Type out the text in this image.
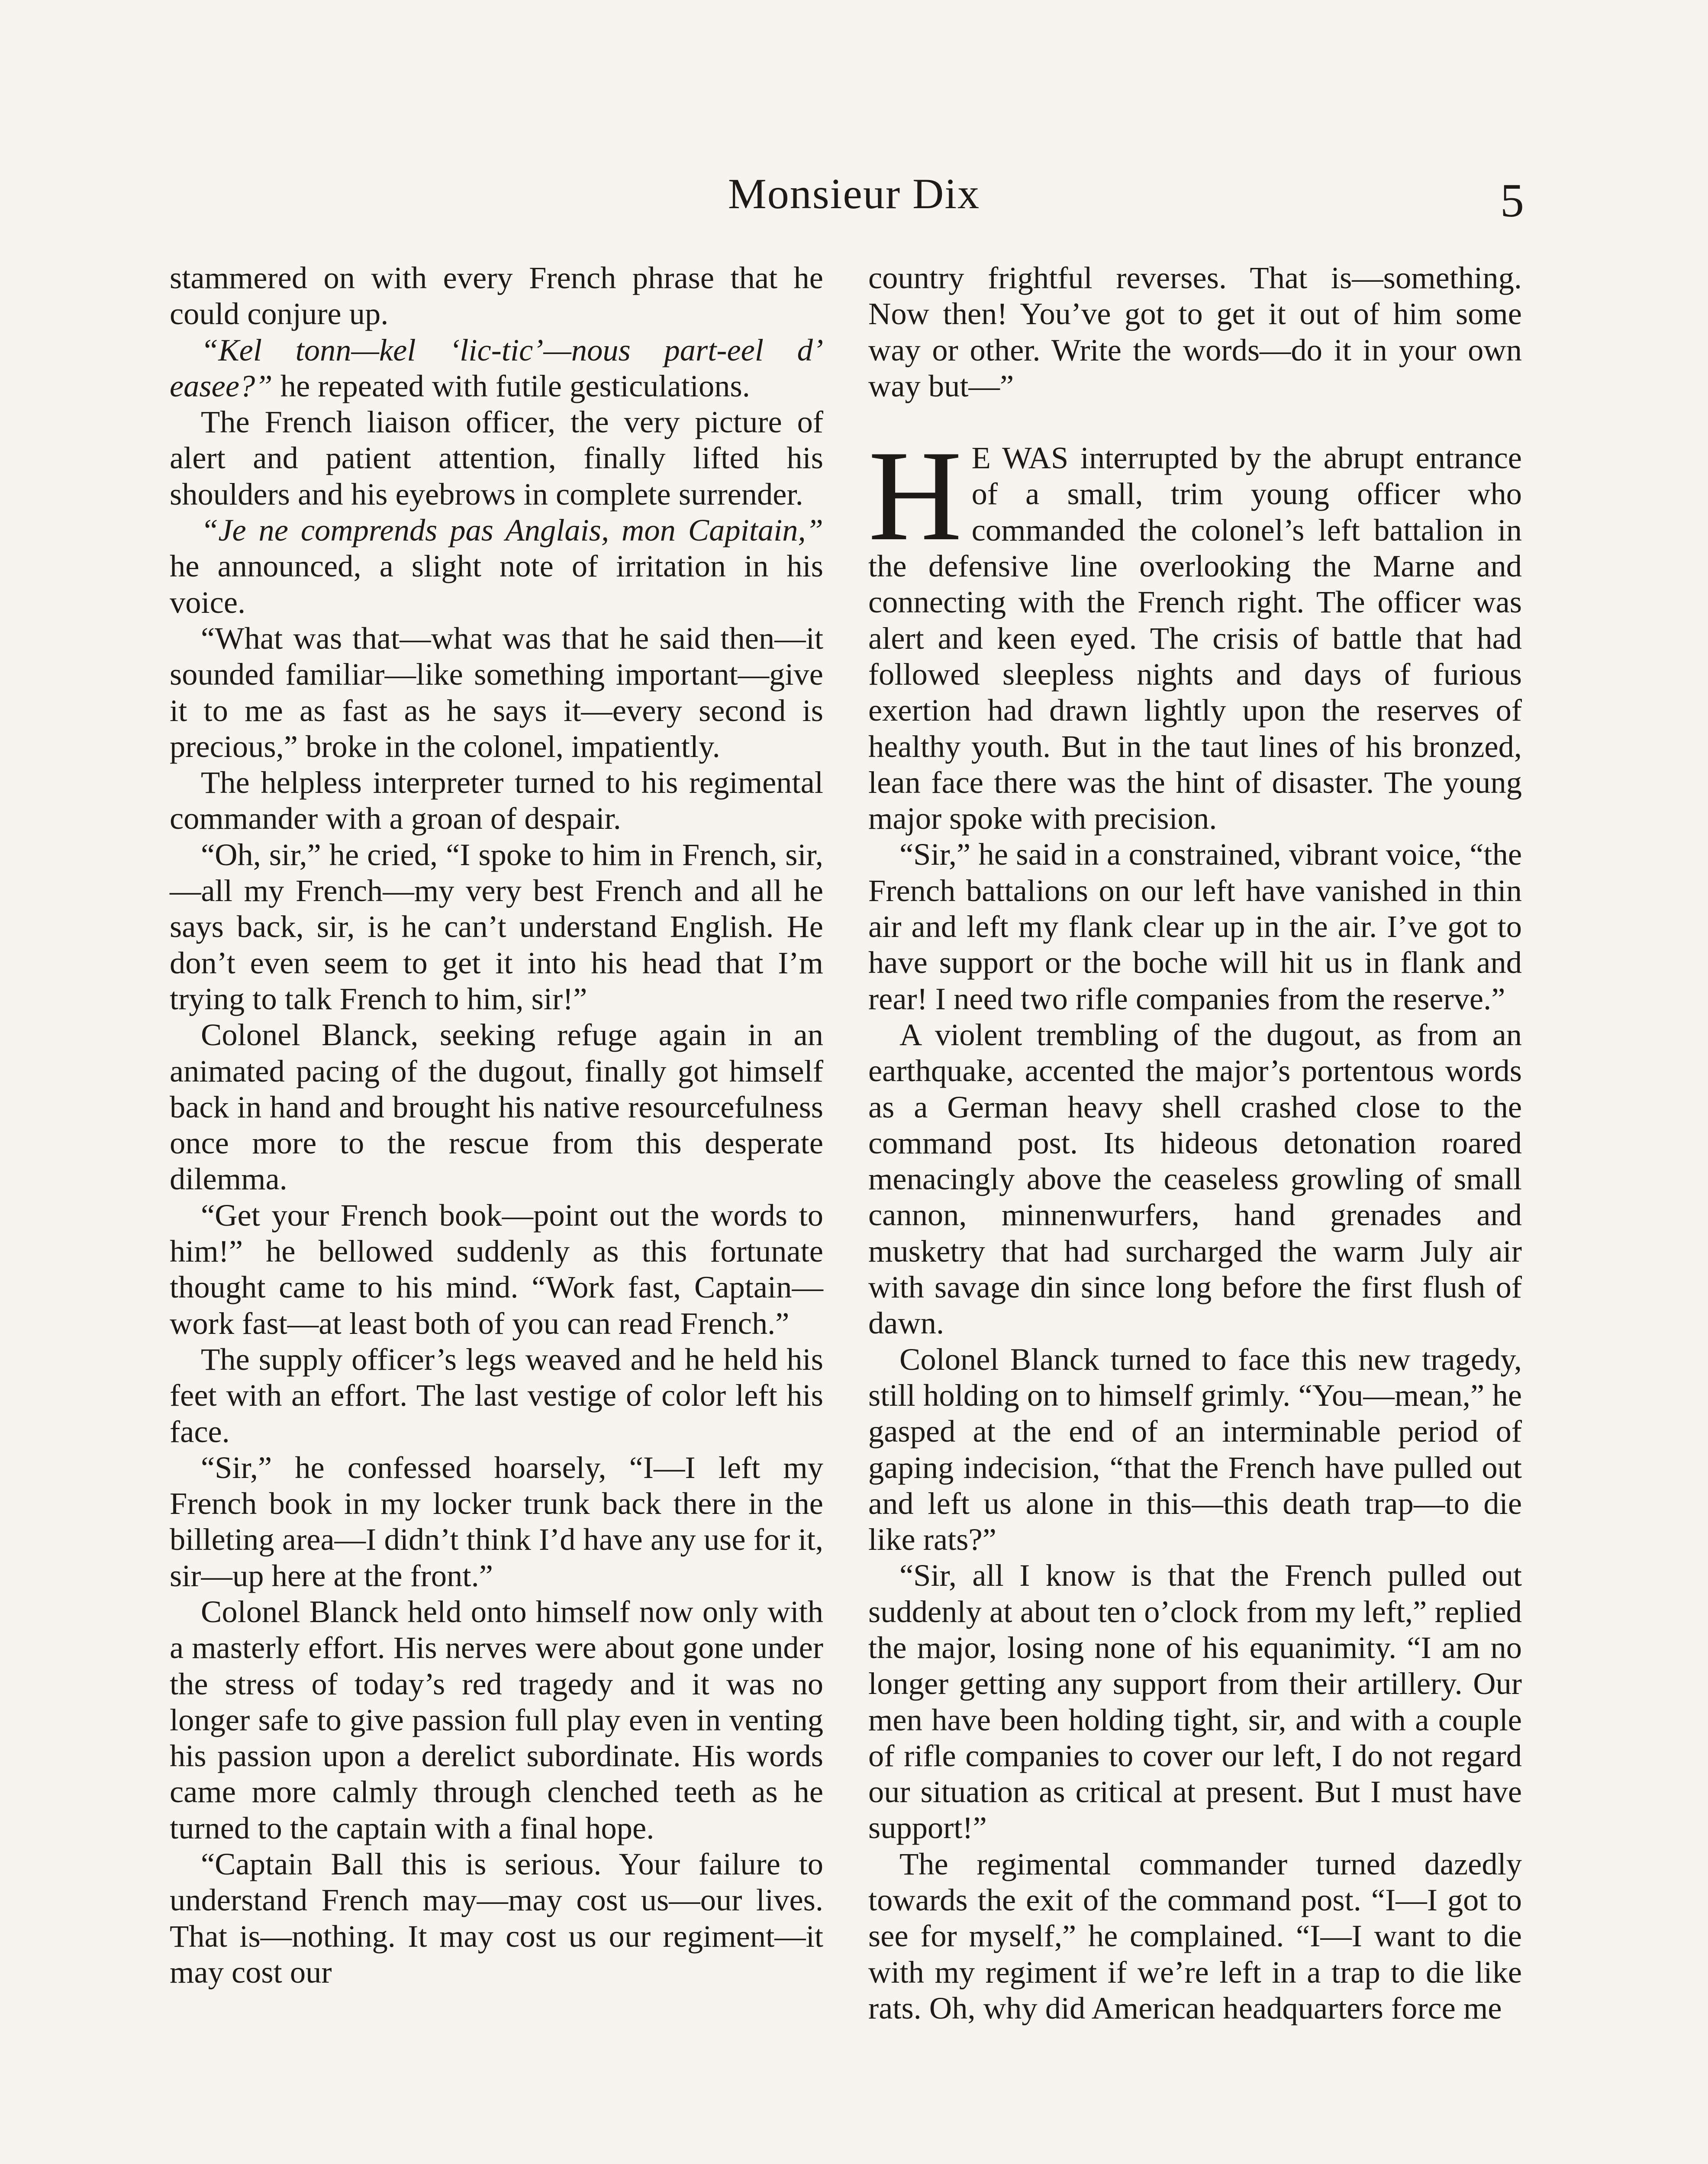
Monsieur Dix	5

stammered on with every French phrase that he could conjure up.

“Kel tonn—kel ‘lic-tic’—nous part-eel d’ easee?” he repeated with futile gesticulations.

The French liaison officer, the very picture of alert and patient attention, finally lifted his shoulders and his eyebrows in complete surrender.

“Je ne comprends pas Anglais, mon Capitain,” he announced, a slight note of irritation in his voice.

“What was that—what was that he said then—it sounded familiar—like something important—give it to me as fast as he says it—every second is precious,” broke in the colonel, impatiently.

The helpless interpreter turned to his regimental commander with a groan of despair.

“Oh, sir,” he cried, “I spoke to him in French, sir,—all my French—my very best French and all he says back, sir, is he can’t understand English. He don’t even seem to get it into his head that I’m trying to talk French to him, sir!”

Colonel Blanck, seeking refuge again in an animated pacing of the dugout, finally got himself back in hand and brought his native resourcefulness once more to the rescue from this desperate dilemma.

“Get your French book—point out the words to him!” he bellowed suddenly as this fortunate thought came to his mind. “Work fast, Captain—work fast—at least both of you can read French.”

The supply officer’s legs weaved and he held his feet with an effort. The last vestige of color left his face.

“Sir,” he confessed hoarsely, “I—I left my French book in my locker trunk back there in the billeting area—I didn’t think I’d have any use for it, sir—up here at the front.”

Colonel Blanck held onto himself now only with a masterly effort. His nerves were about gone under the stress of today’s red tragedy and it was no longer safe to give passion full play even in venting his passion upon a derelict subordinate. His words came more calmly through clenched teeth as he turned to the captain with a final hope.

“Captain Ball this is serious. Your failure to understand French may—may cost us—our lives. That is—nothing. It may cost us our regiment—it may cost our

country frightful reverses. That is—something. Now then! You’ve got to get it out of him some way or other. Write the words—do it in your own way but—”

H E WAS interrupted by the abrupt entrance of a small, trim young officer who commanded the colonel’s left battalion in the defensive line overlooking the Marne and connecting with the French right. The officer was alert and keen eyed. The crisis of battle that had followed sleepless nights and days of furious exertion had drawn lightly upon the reserves of healthy youth. But in the taut lines of his bronzed, lean face there was the hint of disaster. The young major spoke with precision.

“Sir,” he said in a constrained, vibrant voice, “the French battalions on our left have vanished in thin air and left my flank clear up in the air. I’ve got to have support or the boche will hit us in flank and rear! I need two rifle companies from the reserve.”

A violent trembling of the dugout, as from an earthquake, accented the major’s portentous words as a German heavy shell crashed close to the command post. Its hideous detonation roared menacingly above the ceaseless growling of small cannon, minnenwurfers, hand grenades and musketry that had surcharged the warm July air with savage din since long before the first flush of dawn.

Colonel Blanck turned to face this new tragedy, still holding on to himself grimly. “You—mean,” he gasped at the end of an interminable period of gaping indecision, “that the French have pulled out and left us alone in this—this death trap—to die like rats?”

“Sir, all I know is that the French pulled out suddenly at about ten o’clock from my left,” replied the major, losing none of his equanimity. “I am no longer getting any support from their artillery. Our men have been holding tight, sir, and with a couple of rifle companies to cover our left, I do not regard our situation as critical at present. But I must have support!”

The regimental commander turned dazedly towards the exit of the command post. “I—I got to see for myself,” he complained. “I—I want to die with my regiment if we’re left in a trap to die like rats. Oh, why did American headquarters force me
